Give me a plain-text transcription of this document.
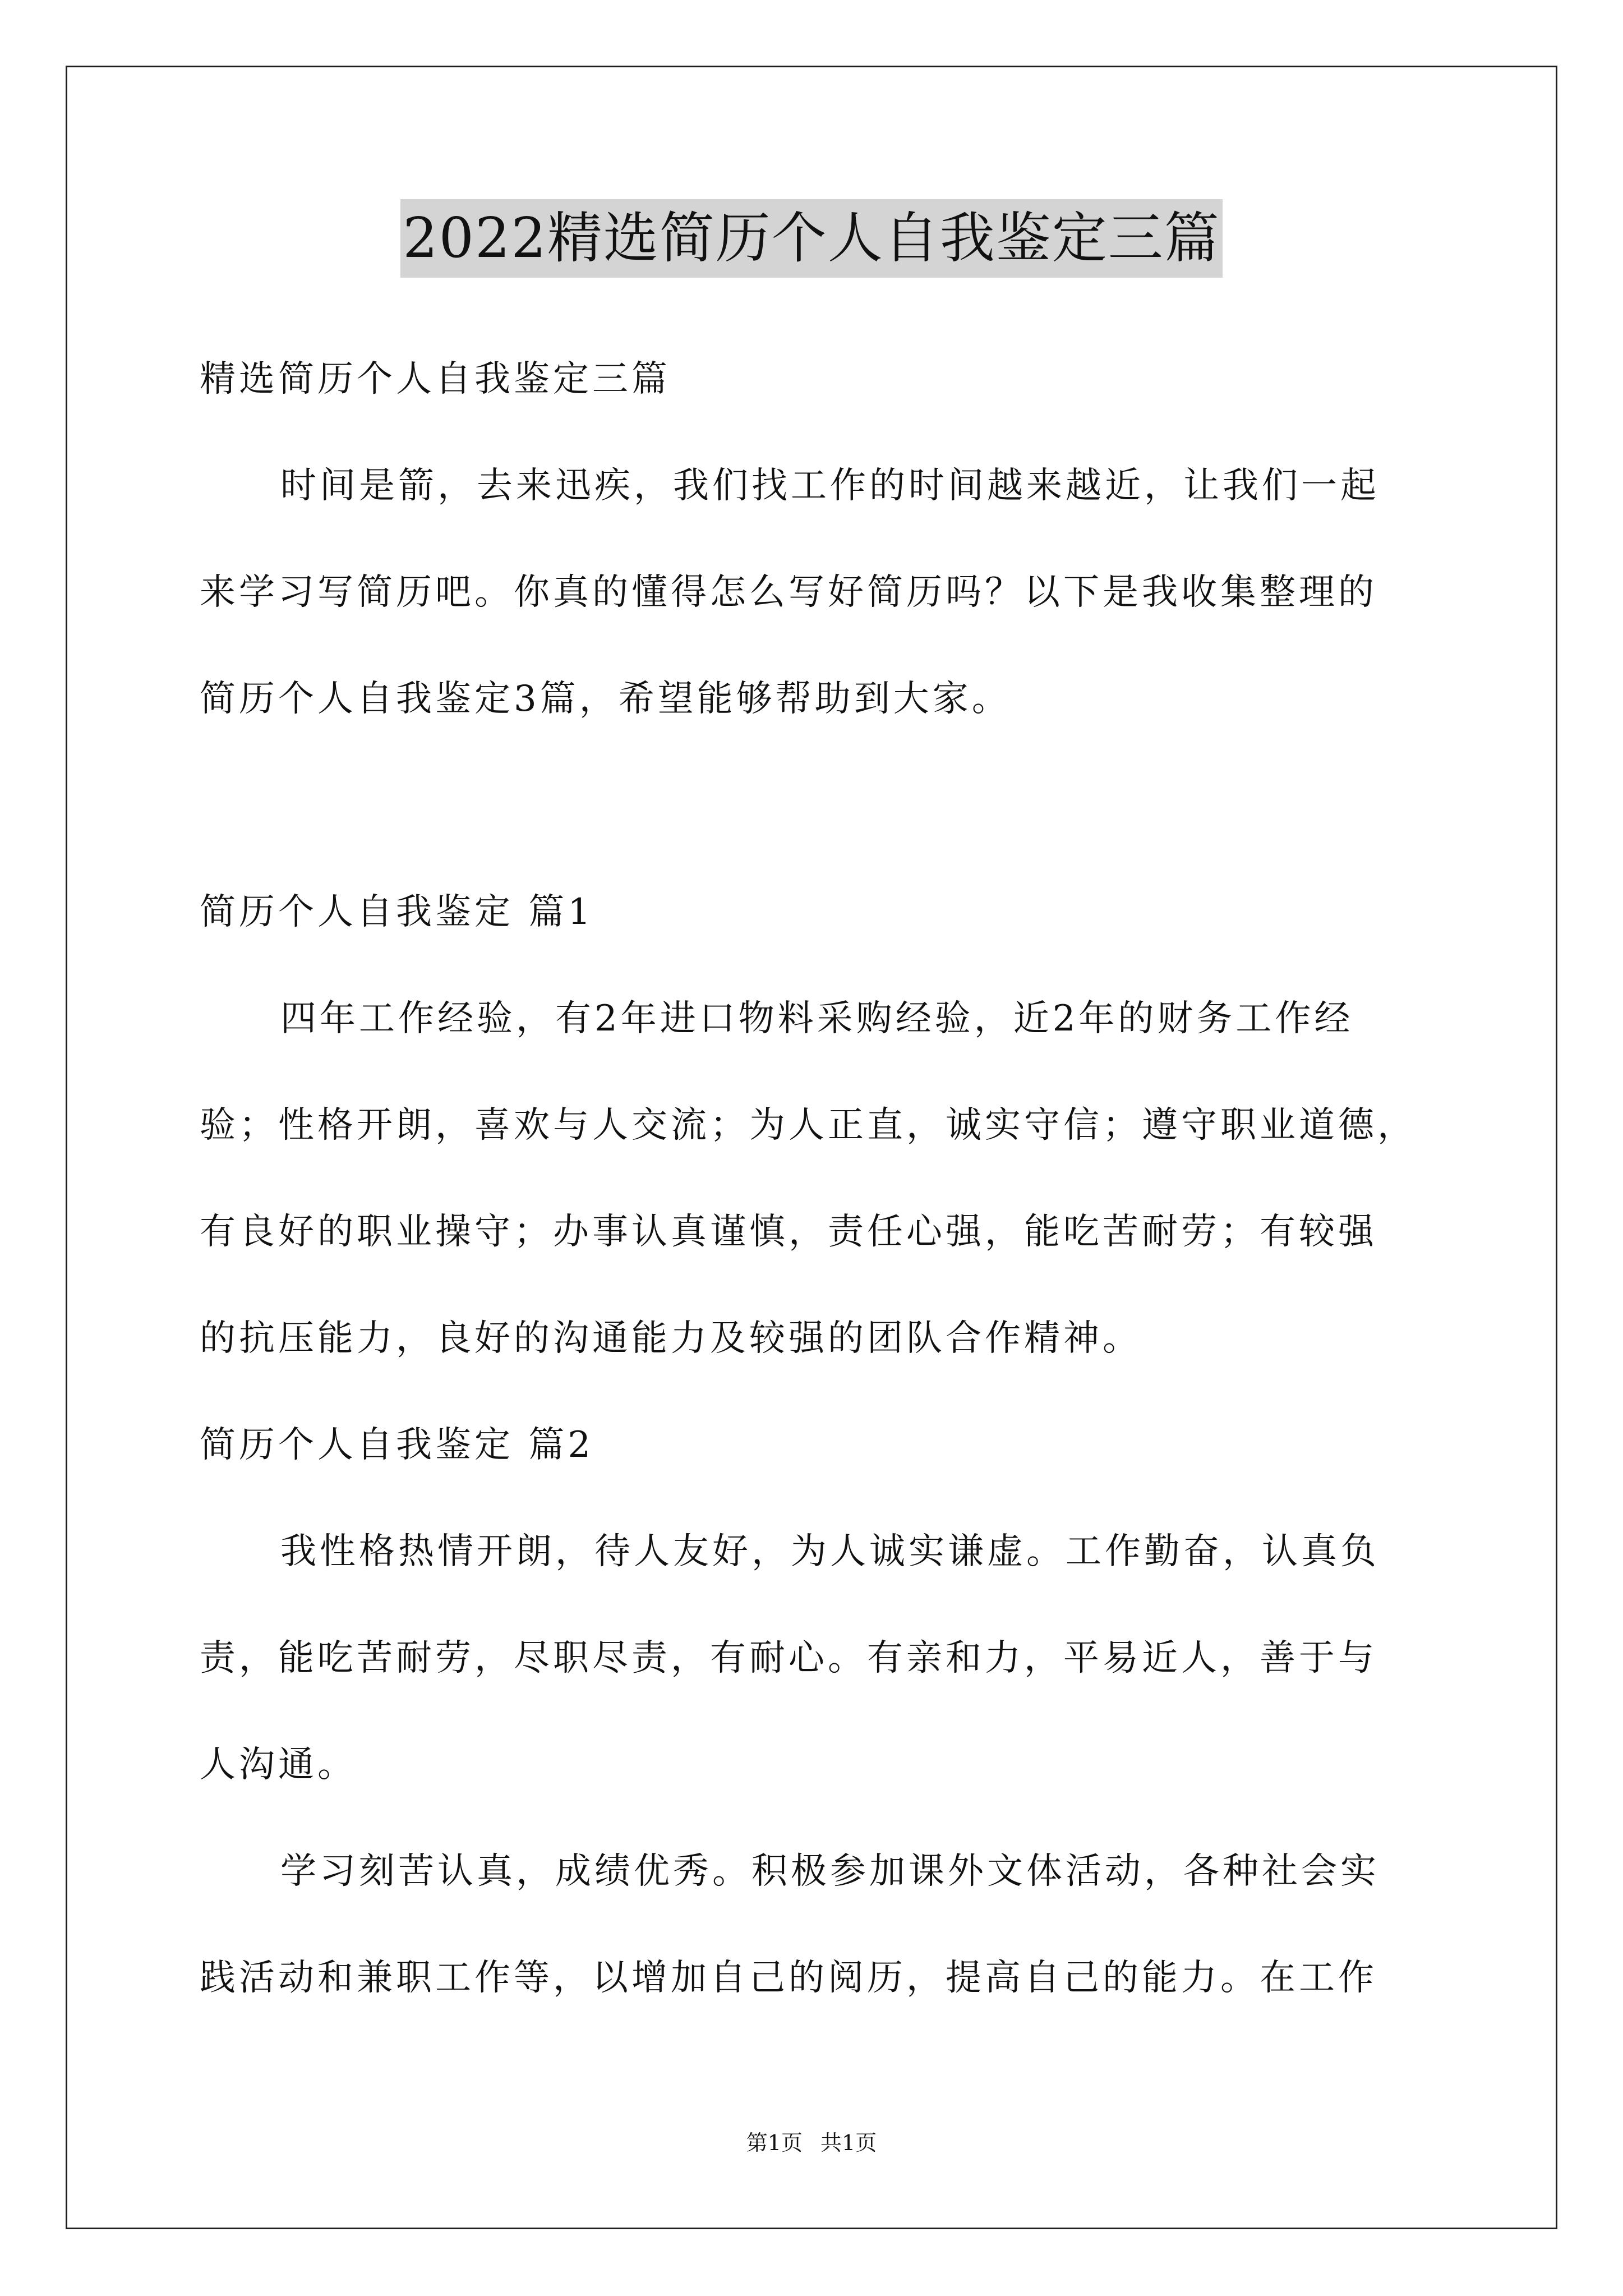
2022精选简历个人自我鉴定三篇
精选简历个人自我鉴定三篇
时间是箭，去来迅疾，我们找工作的时间越来越近，让我们一起
来学习写简历吧。你真的懂得怎么写好简历吗？以下是我收集整理的
简历个人自我鉴定3篇，希望能够帮助到大家。
简历个人自我鉴定 篇1
四年工作经验，有2年进口物料采购经验，近2年的财务工作经
验；性格开朗，喜欢与人交流；为人正直，诚实守信；遵守职业道德，
有良好的职业操守；办事认真谨慎，责任心强，能吃苦耐劳；有较强
的抗压能力，良好的沟通能力及较强的团队合作精神。
简历个人自我鉴定 篇2
我性格热情开朗，待人友好，为人诚实谦虚。工作勤奋，认真负
责，能吃苦耐劳，尽职尽责，有耐心。有亲和力，平易近人，善于与
人沟通。
学习刻苦认真，成绩优秀。积极参加课外文体活动，各种社会实
践活动和兼职工作等，以增加自己的阅历，提高自己的能力。在工作
第1页 共1页
